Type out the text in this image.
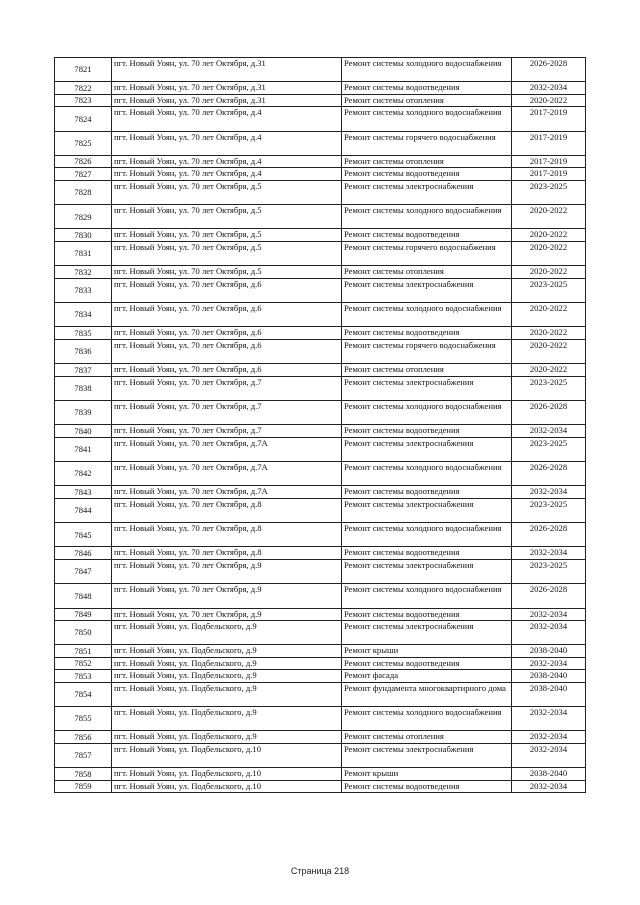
7821	пгт. Новый Уоян, ул. 70 лет Октября, д.31	Ремонт системы холодного водоснабжения	2026-2028
7822	пгт. Новый Уоян, ул. 70 лет Октября, д.31	Ремонт системы водоотведения	2032-2034
7823	пгт. Новый Уоян, ул. 70 лет Октября, д.31	Ремонт системы отопления	2020-2022
7824	пгт. Новый Уоян, ул. 70 лет Октября, д.4	Ремонт системы холодного водоснабжения	2017-2019
7825	пгт. Новый Уоян, ул. 70 лет Октября, д.4	Ремонт системы горячего водоснабжения	2017-2019
7826	пгт. Новый Уоян, ул. 70 лет Октября, д.4	Ремонт системы отопления	2017-2019
7827	пгт. Новый Уоян, ул. 70 лет Октября, д.4	Ремонт системы водоотведения	2017-2019
7828	пгт. Новый Уоян, ул. 70 лет Октября, д.5	Ремонт системы электроснабжения	2023-2025
7829	пгт. Новый Уоян, ул. 70 лет Октября, д.5	Ремонт системы холодного водоснабжения	2020-2022
7830	пгт. Новый Уоян, ул. 70 лет Октября, д.5	Ремонт системы водоотведения	2020-2022
7831	пгт. Новый Уоян, ул. 70 лет Октября, д.5	Ремонт системы горячего водоснабжения	2020-2022
7832	пгт. Новый Уоян, ул. 70 лет Октября, д.5	Ремонт системы отопления	2020-2022
7833	пгт. Новый Уоян, ул. 70 лет Октября, д.6	Ремонт системы электроснабжения	2023-2025
7834	пгт. Новый Уоян, ул. 70 лет Октября, д.6	Ремонт системы холодного водоснабжения	2020-2022
7835	пгт. Новый Уоян, ул. 70 лет Октября, д.6	Ремонт системы водоотведения	2020-2022
7836	пгт. Новый Уоян, ул. 70 лет Октября, д.6	Ремонт системы горячего водоснабжения	2020-2022
7837	пгт. Новый Уоян, ул. 70 лет Октября, д.6	Ремонт системы отопления	2020-2022
7838	пгт. Новый Уоян, ул. 70 лет Октября, д.7	Ремонт системы электроснабжения	2023-2025
7839	пгт. Новый Уоян, ул. 70 лет Октября, д.7	Ремонт системы холодного водоснабжения	2026-2028
7840	пгт. Новый Уоян, ул. 70 лет Октября, д.7	Ремонт системы водоотведения	2032-2034
7841	пгт. Новый Уоян, ул. 70 лет Октября, д.7А	Ремонт системы электроснабжения	2023-2025
7842	пгт. Новый Уоян, ул. 70 лет Октября, д.7А	Ремонт системы холодного водоснабжения	2026-2028
7843	пгт. Новый Уоян, ул. 70 лет Октября, д.7А	Ремонт системы водоотведения	2032-2034
7844	пгт. Новый Уоян, ул. 70 лет Октября, д.8	Ремонт системы электроснабжения	2023-2025
7845	пгт. Новый Уоян, ул. 70 лет Октября, д.8	Ремонт системы холодного водоснабжения	2026-2028
7846	пгт. Новый Уоян, ул. 70 лет Октября, д.8	Ремонт системы водоотведения	2032-2034
7847	пгт. Новый Уоян, ул. 70 лет Октября, д.9	Ремонт системы электроснабжения	2023-2025
7848	пгт. Новый Уоян, ул. 70 лет Октября, д.9	Ремонт системы холодного водоснабжения	2026-2028
7849	пгт. Новый Уоян, ул. 70 лет Октября, д.9	Ремонт системы водоотведения	2032-2034
7850	пгт. Новый Уоян, ул. Подбельского, д.9	Ремонт системы электроснабжения	2032-2034
7851	пгт. Новый Уоян, ул. Подбельского, д.9	Ремонт крыши	2038-2040
7852	пгт. Новый Уоян, ул. Подбельского, д.9	Ремонт системы водоотведения	2032-2034
7853	пгт. Новый Уоян, ул. Подбельского, д.9	Ремонт фасада	2038-2040
7854	пгт. Новый Уоян, ул. Подбельского, д.9	Ремонт фундамента многоквартирного дома	2038-2040
7855	пгт. Новый Уоян, ул. Подбельского, д.9	Ремонт системы холодного водоснабжения	2032-2034
7856	пгт. Новый Уоян, ул. Подбельского, д.9	Ремонт системы отопления	2032-2034
7857	пгт. Новый Уоян, ул. Подбельского, д.10	Ремонт системы электроснабжения	2032-2034
7858	пгт. Новый Уоян, ул. Подбельского, д.10	Ремонт крыши	2038-2040
7859	пгт. Новый Уоян, ул. Подбельского, д.10	Ремонт системы водоотведения	2032-2034
Страница 218
